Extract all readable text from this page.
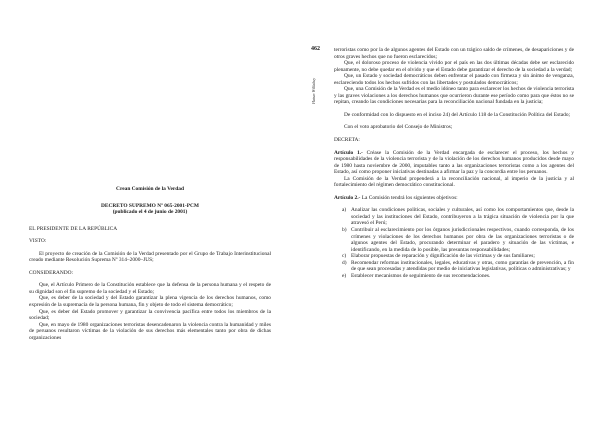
462
Hatun Willakuy

Crean Comisión de la Verdad

DECRETO SUPREMO Nº 065-2001-PCM

(publicado el 4 de junio de 2001)

EL PRESIDENTE DE LA REPÚBLICA

VISTO:

El proyecto de creación de la Comisión de la Verdad presentado por el Grupo de Trabajo Interinstitucional creado mediante Resolución Suprema Nº 314–2000–JUS;

CONSIDERANDO:

Que, el Artículo Primero de la Constitución establece que la defensa de la persona humana y el respeto de su dignidad son el fin supremo de la sociedad y el Estado;

Que, es deber de la sociedad y del Estado garantizar la plena vigencia de los derechos humanos, como expresión de la supremacía de la persona humana, fin y objeto de todo el sistema democrático;

Que, es deber del Estado promover y garantizar la convivencia pacífica entre todos los miembros de la sociedad;

Que, en mayo de 1980 organizaciones terroristas desencadenaron la violencia contra la humanidad y miles de peruanos resultaron víctimas de la violación de sus derechos más elementales tanto por obra de dichas organizaciones

terroristas como por la de algunos agentes del Estado con un trágico saldo de crímenes, de desapariciones y de otros graves hechos que no fueron esclarecidos;

Que, el doloroso proceso de violencia vivido por el país en las dos últimas décadas debe ser esclarecido plenamente, no debe quedar en el olvido y que el Estado debe garantizar el derecho de la sociedad a la verdad;

Que, un Estado y sociedad democráticos deben enfrentar el pasado con firmeza y sin ánimo de venganza, esclareciendo todos los hechos sufridos con las libertades y postulados democráticos;

Que, una Comisión de la Verdad es el medio idóneo tanto para esclarecer los hechos de violencia terrorista y las graves violaciones a los derechos humanos que ocurrieron durante ese período como para que éstos no se repitan, creando las condiciones necesarias para la reconciliación nacional fundada en la justicia;

De conformidad con lo dispuesto en el inciso 24) del Artículo 118 de la Constitución Política del Estado;

Con el voto aprobatorio del Consejo de Ministros;

DECRETA:

Artículo 1.- Créase la Comisión de la Verdad encargada de esclarecer el proceso, los hechos y responsabilidades de la violencia terrorista y de la violación de los derechos humanos producidos desde mayo de 1980 hasta noviembre de 2000, imputables tanto a las organizaciones terroristas como a los agentes del Estado, así como proponer iniciativas destinadas a afirmar la paz y la concordia entre los peruanos.

La Comisión de la Verdad propenderá a la reconciliación nacional, al imperio de la justicia y al fortalecimiento del régimen democrático constitucional.

Artículo 2.- La Comisión tendrá los siguientes objetivos:

a) Analizar las condiciones políticas, sociales y culturales, así como los comportamientos que, desde la sociedad y las instituciones del Estado, contribuyeron a la trágica situación de violencia por la que atravesó el Perú;
b) Contribuir al esclarecimiento por los órganos jurisdiccionales respectivos, cuando corresponda, de los crímenes y violaciones de los derechos humanos por obra de las organizaciones terroristas o de algunos agentes del Estado, procurando determinar el paradero y situación de las víctimas, e identificando, en la medida de lo posible, las presuntas responsabilidades;
c) Elaborar propuestas de reparación y dignificación de las víctimas y de sus familiares;
d) Recomendar reformas institucionales, legales, educativas y otras, como garantías de prevención, a fin de que sean procesadas y atendidas por medio de iniciativas legislativas, políticas o administrativas; y
e) Establecer mecanismos de seguimiento de sus recomendaciones.
